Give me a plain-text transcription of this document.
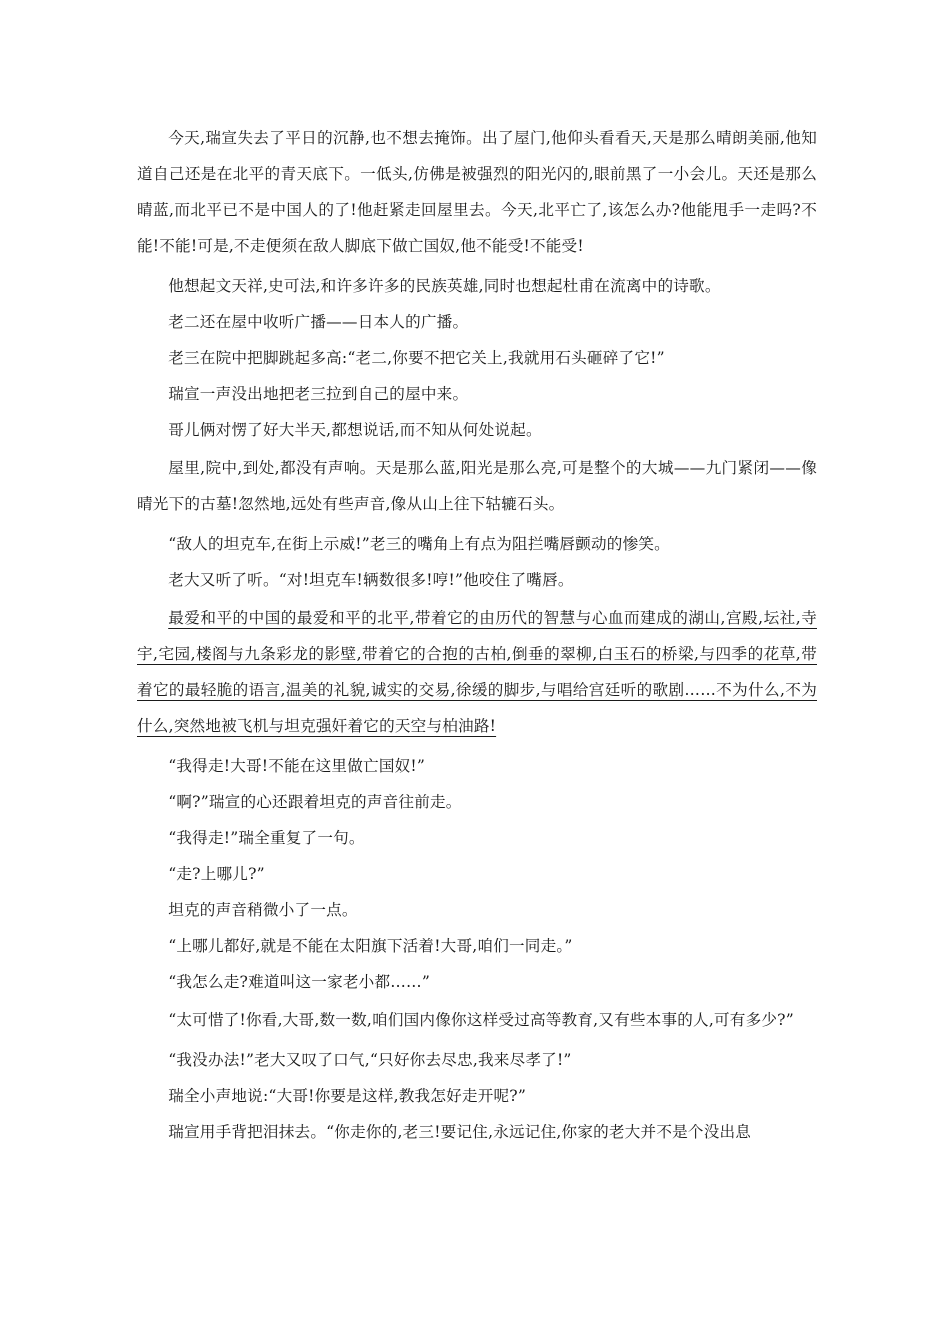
今天,瑞宣失去了平日的沉静,也不想去掩饰。出了屋门,他仰头看看天,天是那么晴朗美丽,他知道自己还是在北平的青天底下。一低头,仿佛是被强烈的阳光闪的,眼前黑了一小会儿。天还是那么晴蓝,而北平已不是中国人的了!他赶紧走回屋里去。今天,北平亡了,该怎么办?他能甩手一走吗?不能!不能!可是,不走便须在敌人脚底下做亡国奴,他不能受!不能受!

他想起文天祥,史可法,和许多许多的民族英雄,同时也想起杜甫在流离中的诗歌。

老二还在屋中收听广播——日本人的广播。

老三在院中把脚跳起多高:“老二,你要不把它关上,我就用石头砸碎了它!”

瑞宣一声没出地把老三拉到自己的屋中来。

哥儿俩对愣了好大半天,都想说话,而不知从何处说起。

屋里,院中,到处,都没有声响。天是那么蓝,阳光是那么亮,可是整个的大城——九门紧闭——像晴光下的古墓!忽然地,远处有些声音,像从山上往下轱辘石头。

“敌人的坦克车,在街上示威!”老三的嘴角上有点为阻拦嘴唇颤动的惨笑。

老大又听了听。“对!坦克车!辆数很多!哼!”他咬住了嘴唇。

最爱和平的中国的最爱和平的北平,带着它的由历代的智慧与心血而建成的湖山,宫殿,坛社,寺宇,宅园,楼阁与九条彩龙的影壁,带着它的合抱的古柏,倒垂的翠柳,白玉石的桥梁,与四季的花草,带着它的最轻脆的语言,温美的礼貌,诚实的交易,徐缓的脚步,与唱给宫廷听的歌剧……不为什么,不为什么,突然地被飞机与坦克强奸着它的天空与柏油路!

“我得走!大哥!不能在这里做亡国奴!”

“啊?”瑞宣的心还跟着坦克的声音往前走。

“我得走!”瑞全重复了一句。

“走?上哪儿?”

坦克的声音稍微小了一点。

“上哪儿都好,就是不能在太阳旗下活着!大哥,咱们一同走。”

“我怎么走?难道叫这一家老小都……”

“太可惜了!你看,大哥,数一数,咱们国内像你这样受过高等教育,又有些本事的人,可有多少?”

“我没办法!”老大又叹了口气,“只好你去尽忠,我来尽孝了!”

瑞全小声地说:“大哥!你要是这样,教我怎好走开呢?”

瑞宣用手背把泪抹去。“你走你的,老三!要记住,永远记住,你家的老大并不是个没出息
